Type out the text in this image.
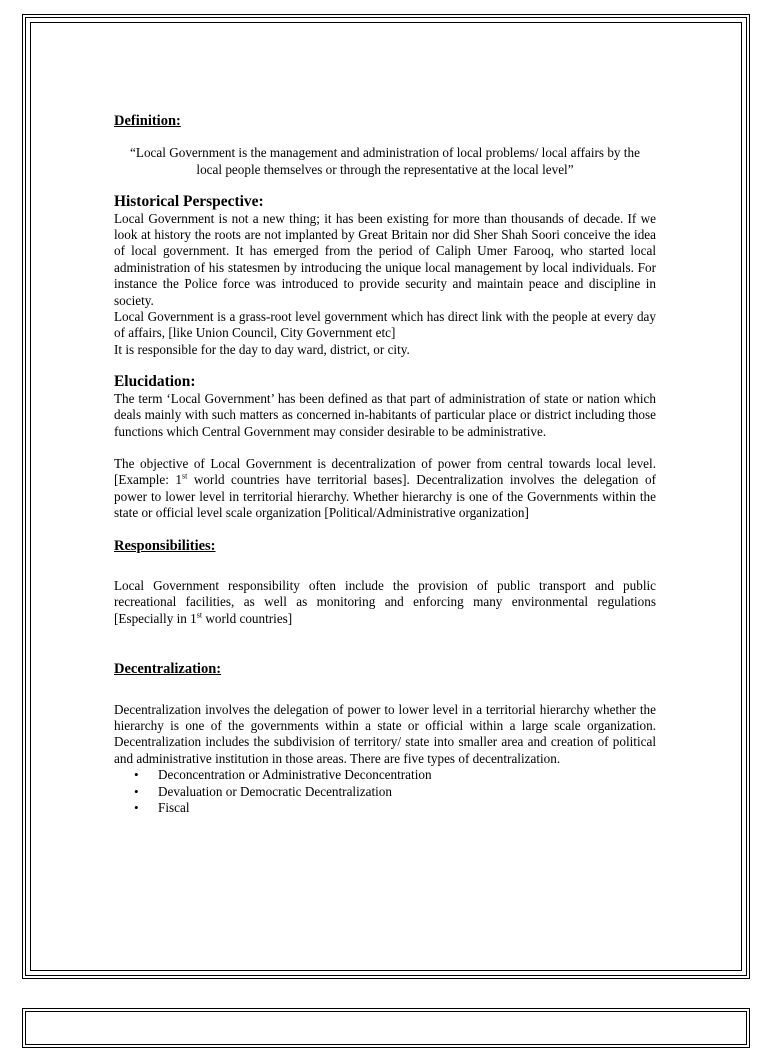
Definition:

“Local Government is the management and administration of local problems/ local affairs by the local people themselves or through the representative at the local level”

Historical Perspective:

Local Government is not a new thing; it has been existing for more than thousands of decade. If we look at history the roots are not implanted by Great Britain nor did Sher Shah Soori conceive the idea of local government. It has emerged from the period of Caliph Umer Farooq, who started local administration of his statesmen by introducing the unique local management by local individuals. For instance the Police force was introduced to provide security and maintain peace and discipline in society.

Local Government is a grass-root level government which has direct link with the people at every day of affairs, [like Union Council, City Government etc]

It is responsible for the day to day ward, district, or city.

Elucidation:

The term ‘Local Government’ has been defined as that part of administration of state or nation which deals mainly with such matters as concerned in-habitants of particular place or district including those functions which Central Government may consider desirable to be administrative.

The objective of Local Government is decentralization of power from central towards local level. [Example: 1st world countries have territorial bases]. Decentralization involves the delegation of power to lower level in territorial hierarchy. Whether hierarchy is one of the Governments within the state or official level scale organization [Political/Administrative organization]

Responsibilities:

Local Government responsibility often include the provision of public transport and public recreational facilities, as well as monitoring and enforcing many environmental regulations [Especially in 1st world countries]

Decentralization:

Decentralization involves the delegation of power to lower level in a territorial hierarchy whether the hierarchy is one of the governments within a state or official within a large scale organization. Decentralization includes the subdivision of territory/ state into smaller area and creation of political and administrative institution in those areas. There are five types of decentralization.

• Deconcentration or Administrative Deconcentration
• Devaluation or Democratic Decentralization
• Fiscal
